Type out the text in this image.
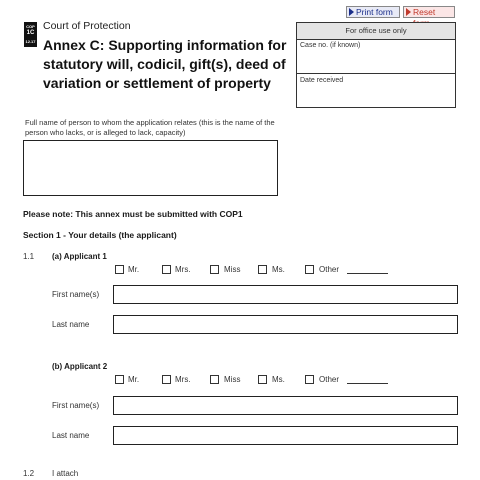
Print form	Reset
COP
1C
12.17
Court of Protection
Annex C: Supporting information for statutory will, codicil, gift(s), deed of variation or settlement of property
For office use only
Case no. (if known)
Date received
Full name of person to whom the application relates (this is the name of the person who lacks, or is alleged to lack, capacity)
Please note: This annex must be submitted with COP1
Section 1 - Your details (the applicant)
1.1 (a) Applicant 1
Mr.	Mrs.	Miss	Ms.	Other
First name(s)
Last name
(b) Applicant 2
Mr.	Mrs.	Miss	Ms.	Other
First name(s)
Last name
1.2 I attach
